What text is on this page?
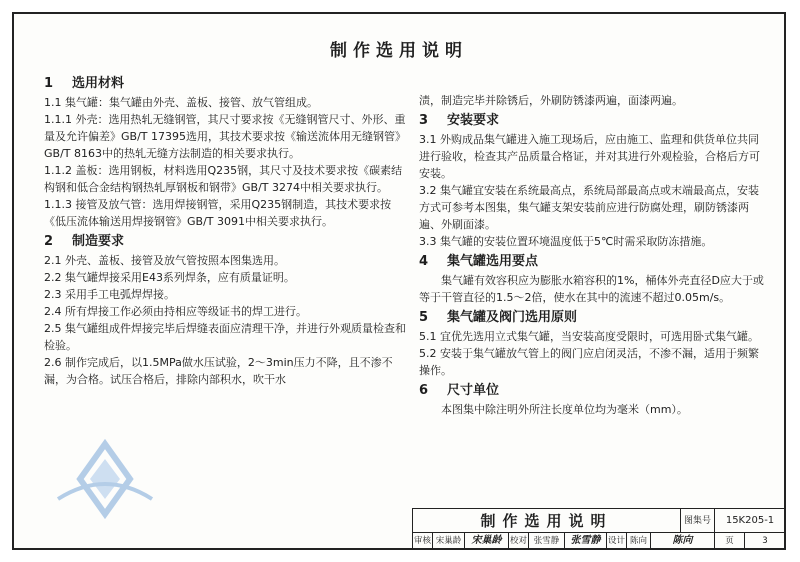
制作选用说明
1 选用材料

1.1 集气罐：集气罐由外壳、盖板、接管、放气管组成。

1.1.1 外壳：选用热轧无缝钢管，其尺寸要求按《无缝钢管尺寸、外形、重量及允许偏差》GB/T 17395选用，其技术要求按《输送流体用无缝钢管》GB/T 8163中的热轧无缝方法制造的相关要求执行。

1.1.2 盖板：选用钢板，材料选用Q235钢，其尺寸及技术要求按《碳素结构钢和低合金结构钢热轧厚钢板和钢带》GB/T 3274中相关要求执行。

1.1.3 接管及放气管：选用焊接钢管，采用Q235钢制造，其技术要求按《低压流体输送用焊接钢管》GB/T 3091中相关要求执行。

2 制造要求

2.1 外壳、盖板、接管及放气管按照本图集选用。

2.2 集气罐焊接采用E43系列焊条，应有质量证明。

2.3 采用手工电弧焊焊接。

2.4 所有焊接工作必须由持相应等级证书的焊工进行。

2.5 集气罐组成件焊接完毕后焊缝表面应清理干净，并进行外观质量检查和检验。

2.6 制作完成后，以1.5MPa做水压试验，2～3min压力不降，且不渗不漏，为合格。试压合格后，排除内部积水，吹干水

渍，制造完毕并除锈后，外刷防锈漆两遍，面漆两遍。

3 安装要求

3.1 外购成品集气罐进入施工现场后，应由施工、监理和供货单位共同进行验收，检查其产品质量合格证，并对其进行外观检验，合格后方可安装。

3.2 集气罐宜安装在系统最高点，系统局部最高点或末端最高点，安装方式可参考本图集，集气罐支架安装前应进行防腐处理，刷防锈漆两遍、外刷面漆。

3.3 集气罐的安装位置环境温度低于5℃时需采取防冻措施。

4 集气罐选用要点

集气罐有效容积应为膨胀水箱容积的1%，桶体外壳直径D应大于或等于干管直径的1.5～2倍，使水在其中的流速不超过0.05m/s。

5 集气罐及阀门选用原则

5.1 宜优先选用立式集气罐，当安装高度受限时，可选用卧式集气罐。

5.2 安装于集气罐放气管上的阀门应启闭灵活，不渗不漏，适用于频繁操作。

6 尺寸单位

本图集中除注明外所注长度单位均为毫米（mm）。

制作选用说明	图集号	15K205-1
审核 宋巢龄	宋巢龄 校对 张雪静	张雪静 设计 陈向	陈向	页	3
